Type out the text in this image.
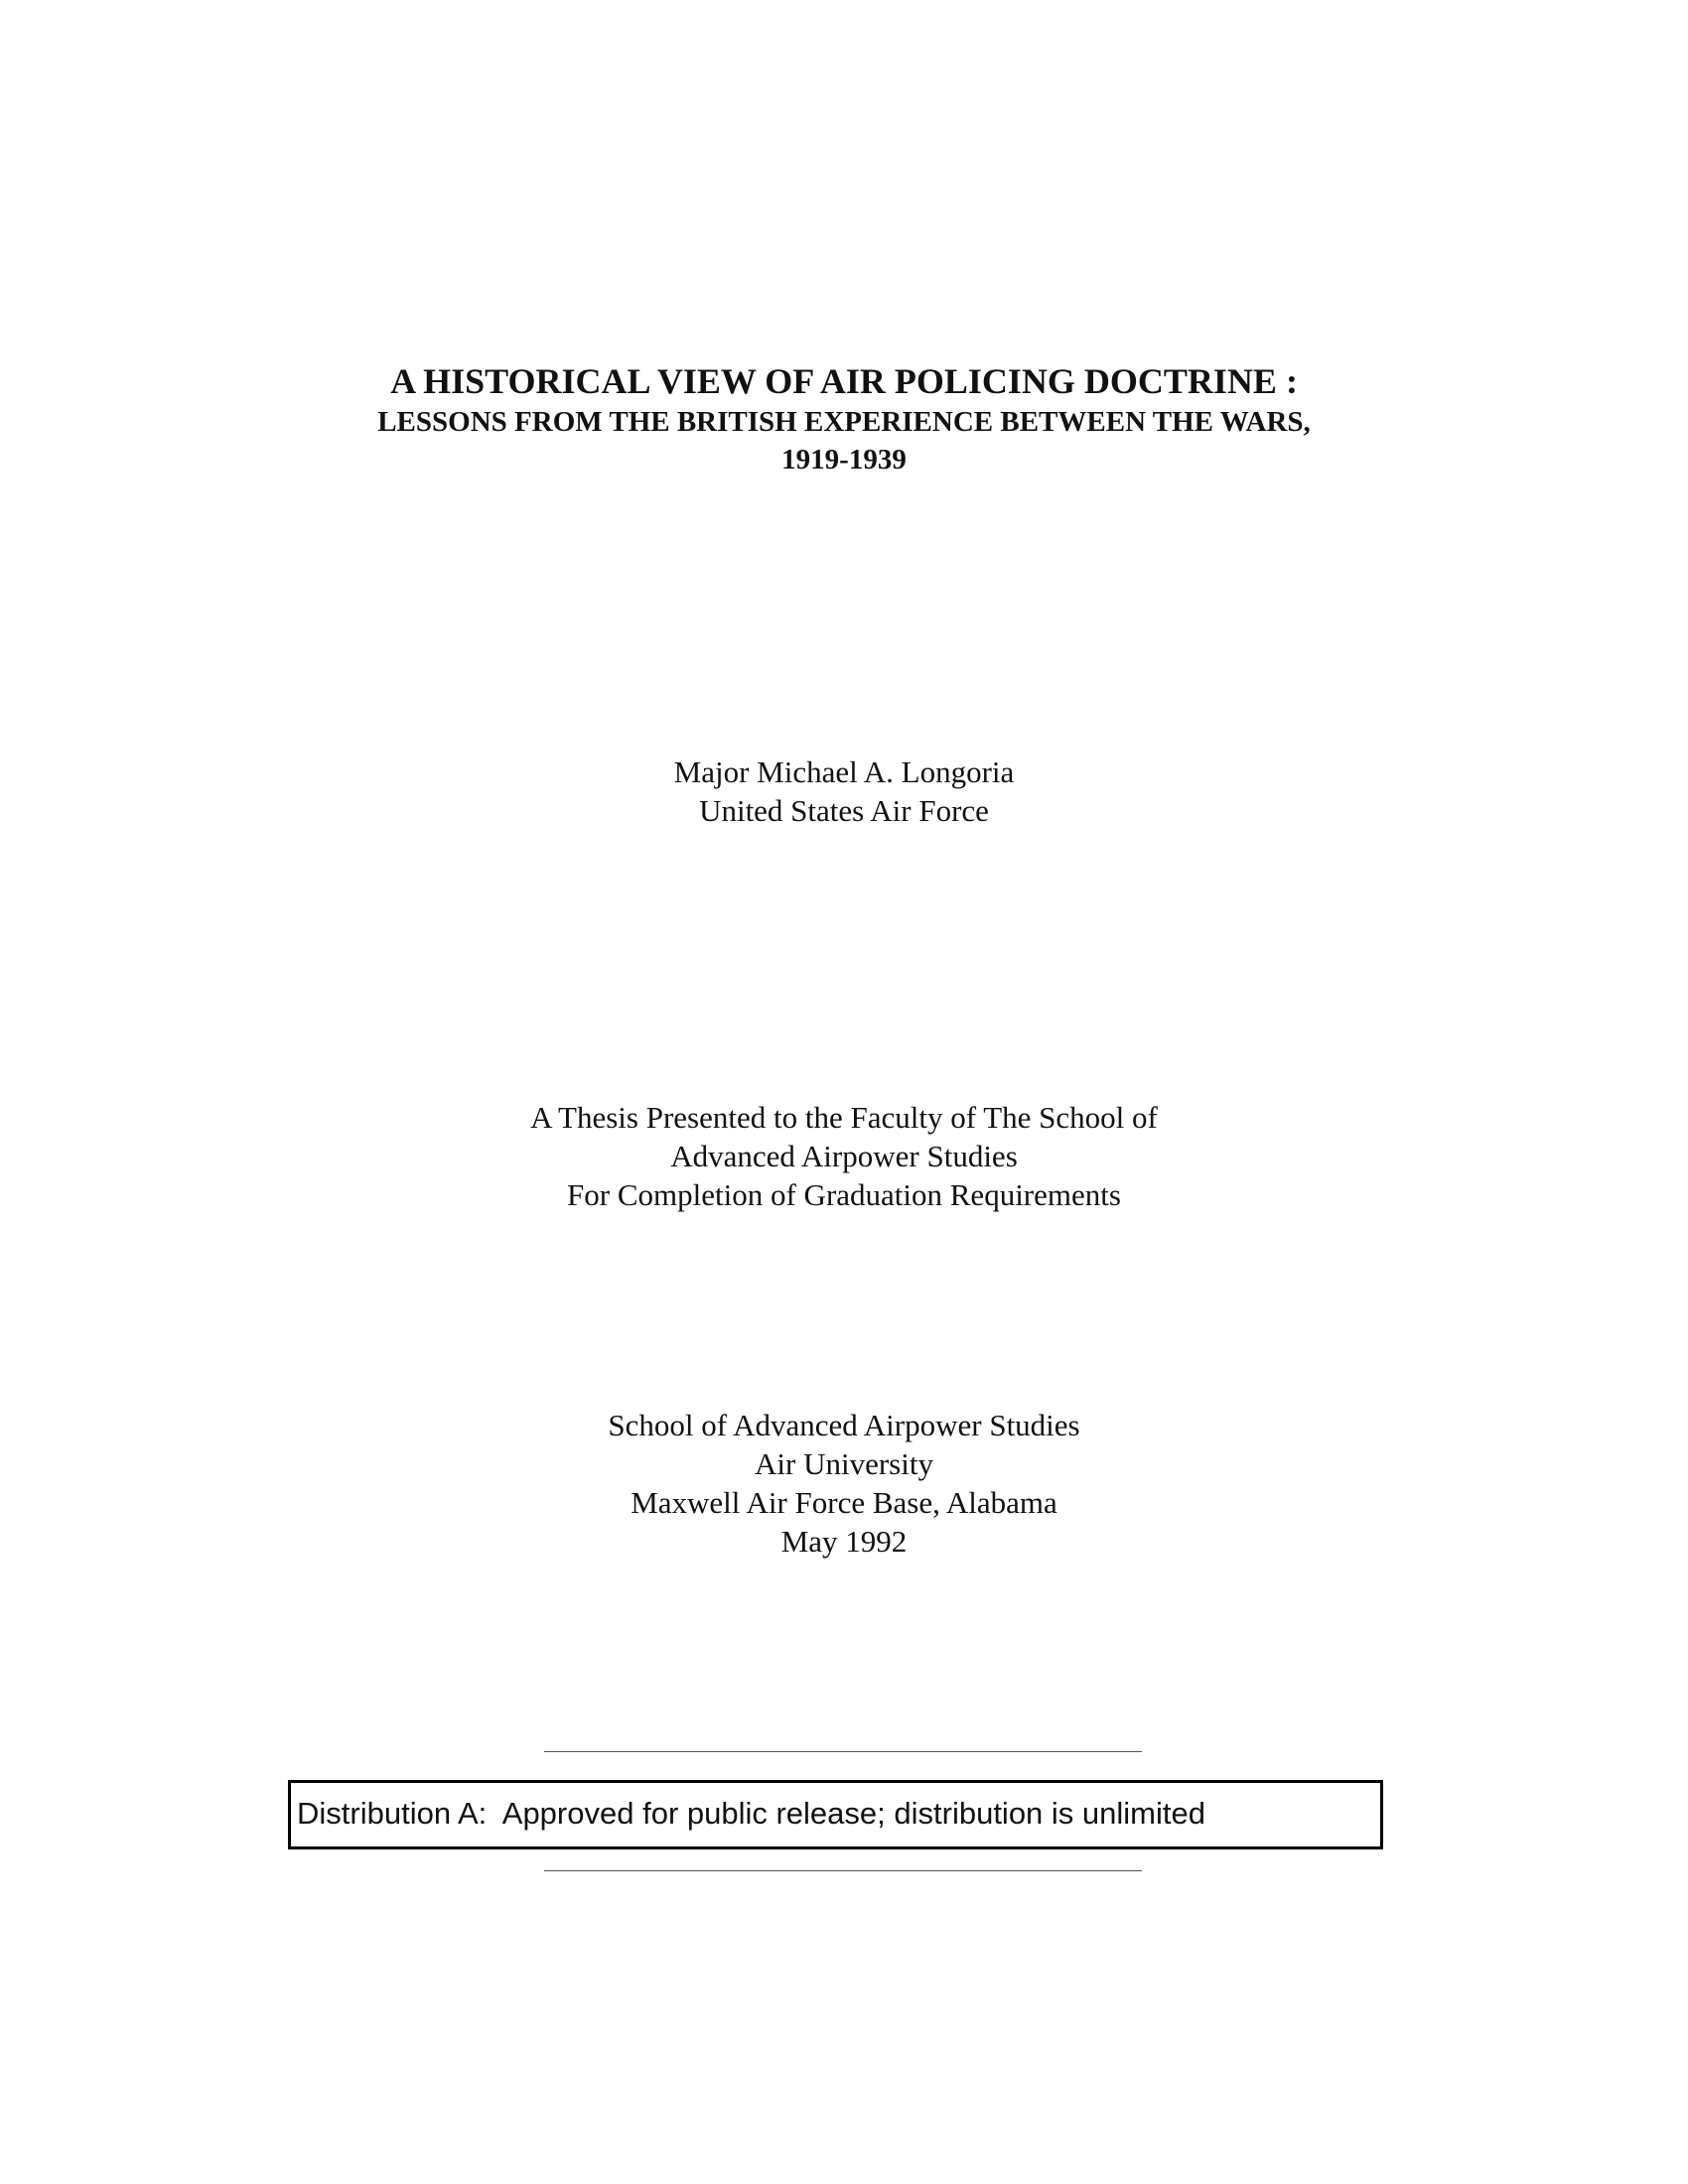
A HISTORICAL VIEW OF AIR POLICING DOCTRINE :

LESSONS FROM THE BRITISH EXPERIENCE BETWEEN THE WARS,

1919-1939

Major Michael A. Longoria

United States Air Force

A Thesis Presented to the Faculty of The School of

Advanced Airpower Studies

For Completion of Graduation Requirements

School of Advanced Airpower Studies

Air University

Maxwell Air Force Base, Alabama

May 1992

Distribution A:  Approved for public release; distribution is unlimited
